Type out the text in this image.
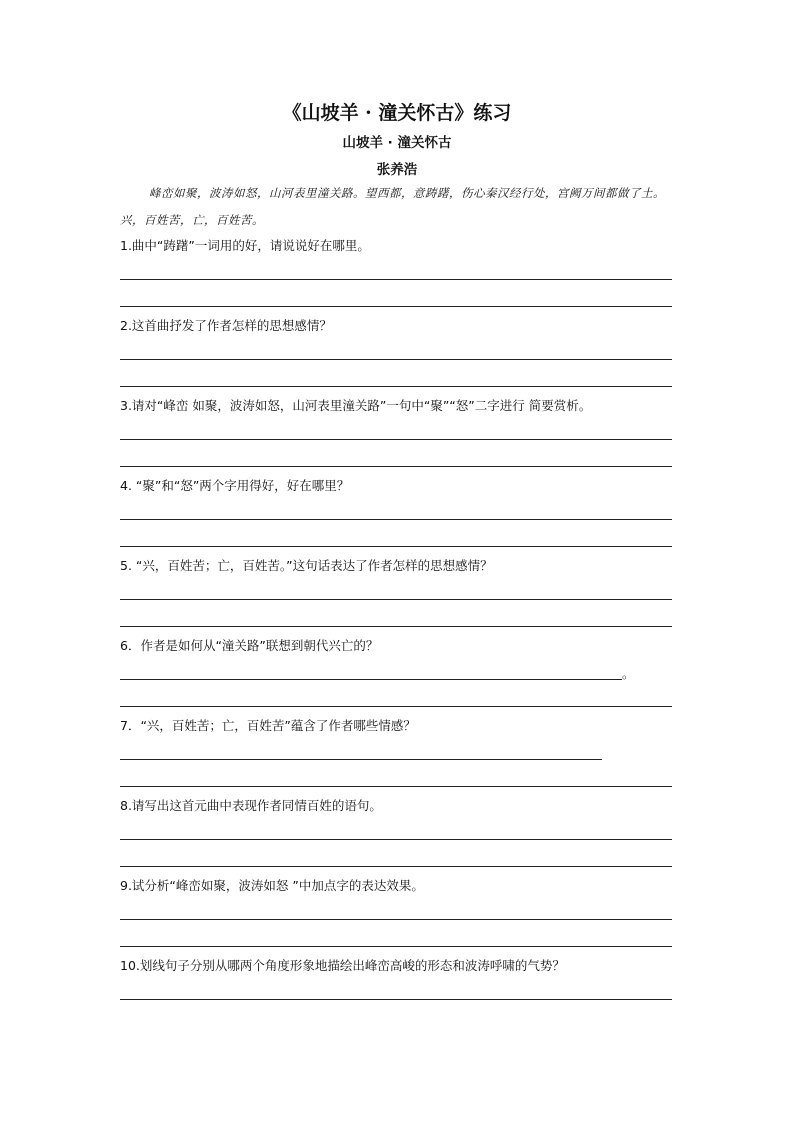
《山坡羊 · 潼关怀古》练习
山坡羊 · 潼关怀古
张养浩
峰峦如聚，波涛如怒，山河表里潼关路。望西都，意踌躇，伤心秦汉经行处，宫阙万间都做了土。兴，百姓苦，亡，百姓苦。
1.曲中“踌躇”一词用的好，请说说好在哪里。
2.这首曲抒发了作者怎样的思想感情？
3.请对“峰峦 如聚，波涛如怒，山河表里潼关路”一句中“聚”“怒”二字进行 简要赏析。
4. “聚”和“怒”两个字用得好，好在哪里？
5. “兴，百姓苦；亡，百姓苦。”这句话表达了作者怎样的思想感情？
6．作者是如何从“潼关路”联想到朝代兴亡的？
。
7．“兴，百姓苦；亡，百姓苦”蕴含了作者哪些情感？
8.请写出这首元曲中表现作者同情百姓的语句。
9.试分析“峰峦如聚，波涛如怒 ”中加点字的表达效果。
10.划线句子分别从哪两个角度形象地描绘出峰峦高峻的形态和波涛呼啸的气势？
